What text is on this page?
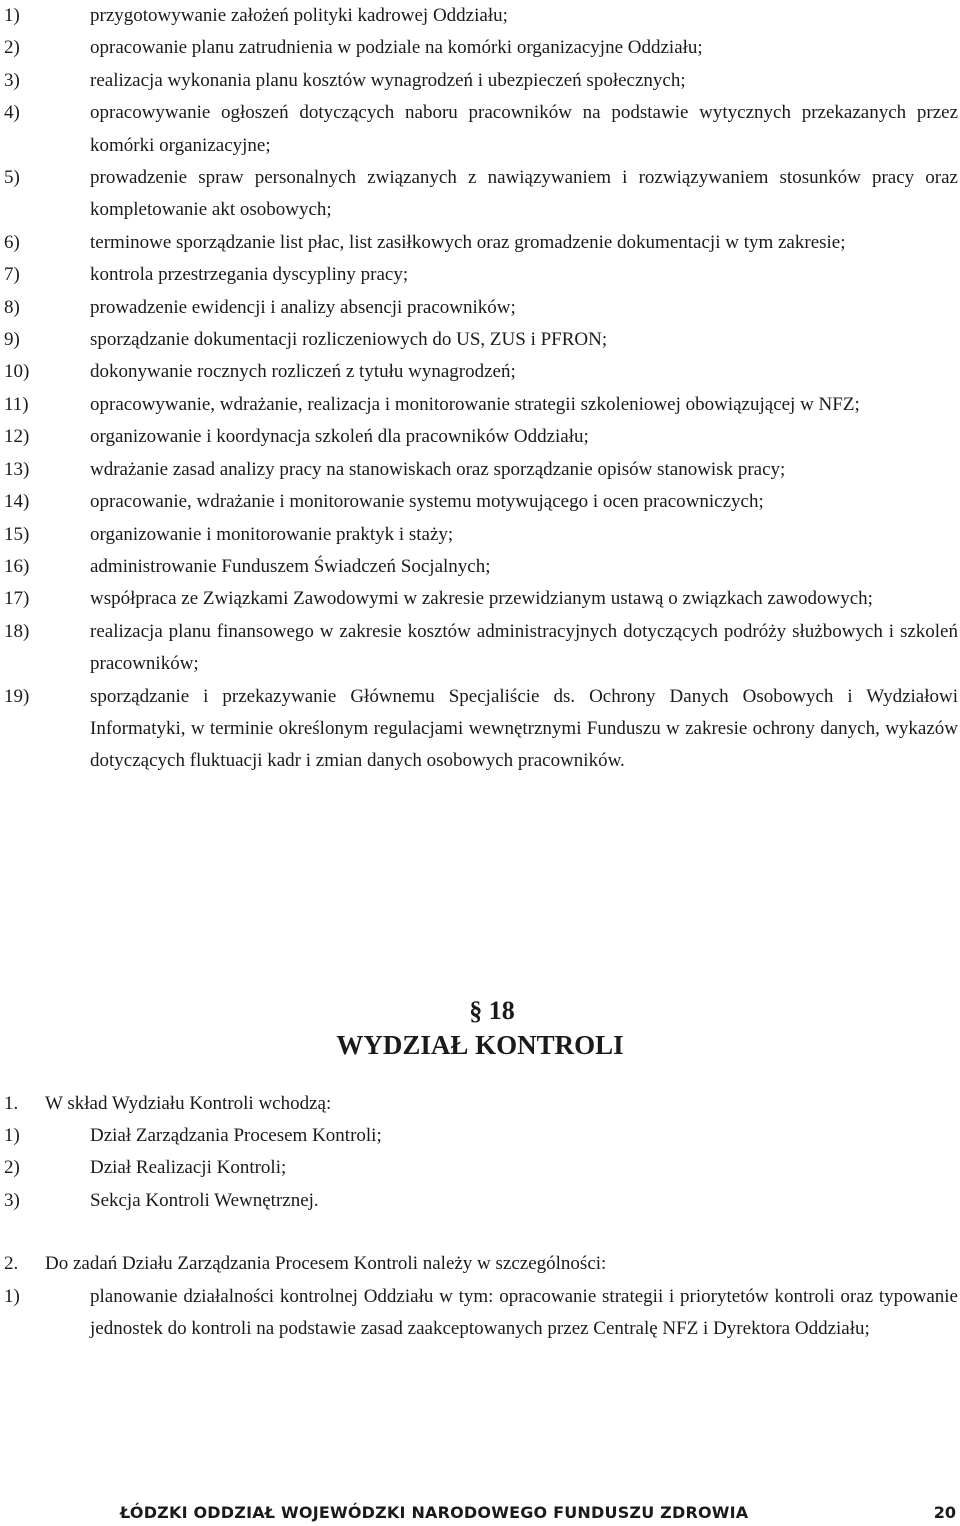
1)	przygotowywanie założeń polityki kadrowej Oddziału;
2)	opracowanie planu zatrudnienia w podziale na komórki organizacyjne Oddziału;
3)	realizacja wykonania planu kosztów wynagrodzeń i ubezpieczeń społecznych;
4)	opracowywanie ogłoszeń dotyczących naboru pracowników na podstawie wytycznych przekazanych przez komórki organizacyjne;
5)	prowadzenie spraw personalnych związanych z nawiązywaniem i rozwiązywaniem stosunków pracy oraz kompletowanie akt osobowych;
6)	terminowe sporządzanie list płac, list zasiłkowych oraz gromadzenie dokumentacji w tym zakresie;
7)	kontrola przestrzegania dyscypliny pracy;
8)	prowadzenie ewidencji i analizy absencji pracowników;
9)	sporządzanie dokumentacji rozliczeniowych do US, ZUS i PFRON;
10)	dokonywanie rocznych rozliczeń z tytułu wynagrodzeń;
11)	opracowywanie, wdrażanie, realizacja i monitorowanie strategii szkoleniowej obowiązującej w NFZ;
12)	organizowanie i koordynacja szkoleń dla pracowników Oddziału;
13)	wdrażanie zasad analizy pracy na stanowiskach oraz sporządzanie opisów stanowisk pracy;
14)	opracowanie, wdrażanie i monitorowanie systemu motywującego i ocen pracowniczych;
15)	organizowanie i monitorowanie praktyk i staży;
16)	administrowanie Funduszem Świadczeń Socjalnych;
17)	współpraca ze Związkami Zawodowymi w zakresie przewidzianym ustawą o związkach zawodowych;
18)	realizacja planu finansowego w zakresie kosztów administracyjnych dotyczących podróży służbowych i szkoleń pracowników;
19)	sporządzanie i przekazywanie Głównemu Specjaliście ds. Ochrony Danych Osobowych i Wydziałowi Informatyki, w terminie określonym regulacjami wewnętrznymi Funduszu w zakresie ochrony danych, wykazów dotyczących fluktuacji kadr i zmian danych osobowych pracowników.
§ 18
WYDZIAŁ KONTROLI
1. W skład Wydziału Kontroli wchodzą:
1)	Dział Zarządzania Procesem Kontroli;
2)	Dział Realizacji Kontroli;
3)	Sekcja Kontroli Wewnętrznej.
2. Do zadań Działu Zarządzania Procesem Kontroli należy w szczególności:
1)	planowanie działalności kontrolnej Oddziału w tym: opracowanie strategii i priorytetów kontroli oraz typowanie jednostek do kontroli na podstawie zasad zaakceptowanych przez Centralę NFZ i Dyrektora Oddziału;
ŁÓDZKI ODDZIAŁ WOJEWÓDZKI NARODOWEGO FUNDUSZU ZDROWIA	20
